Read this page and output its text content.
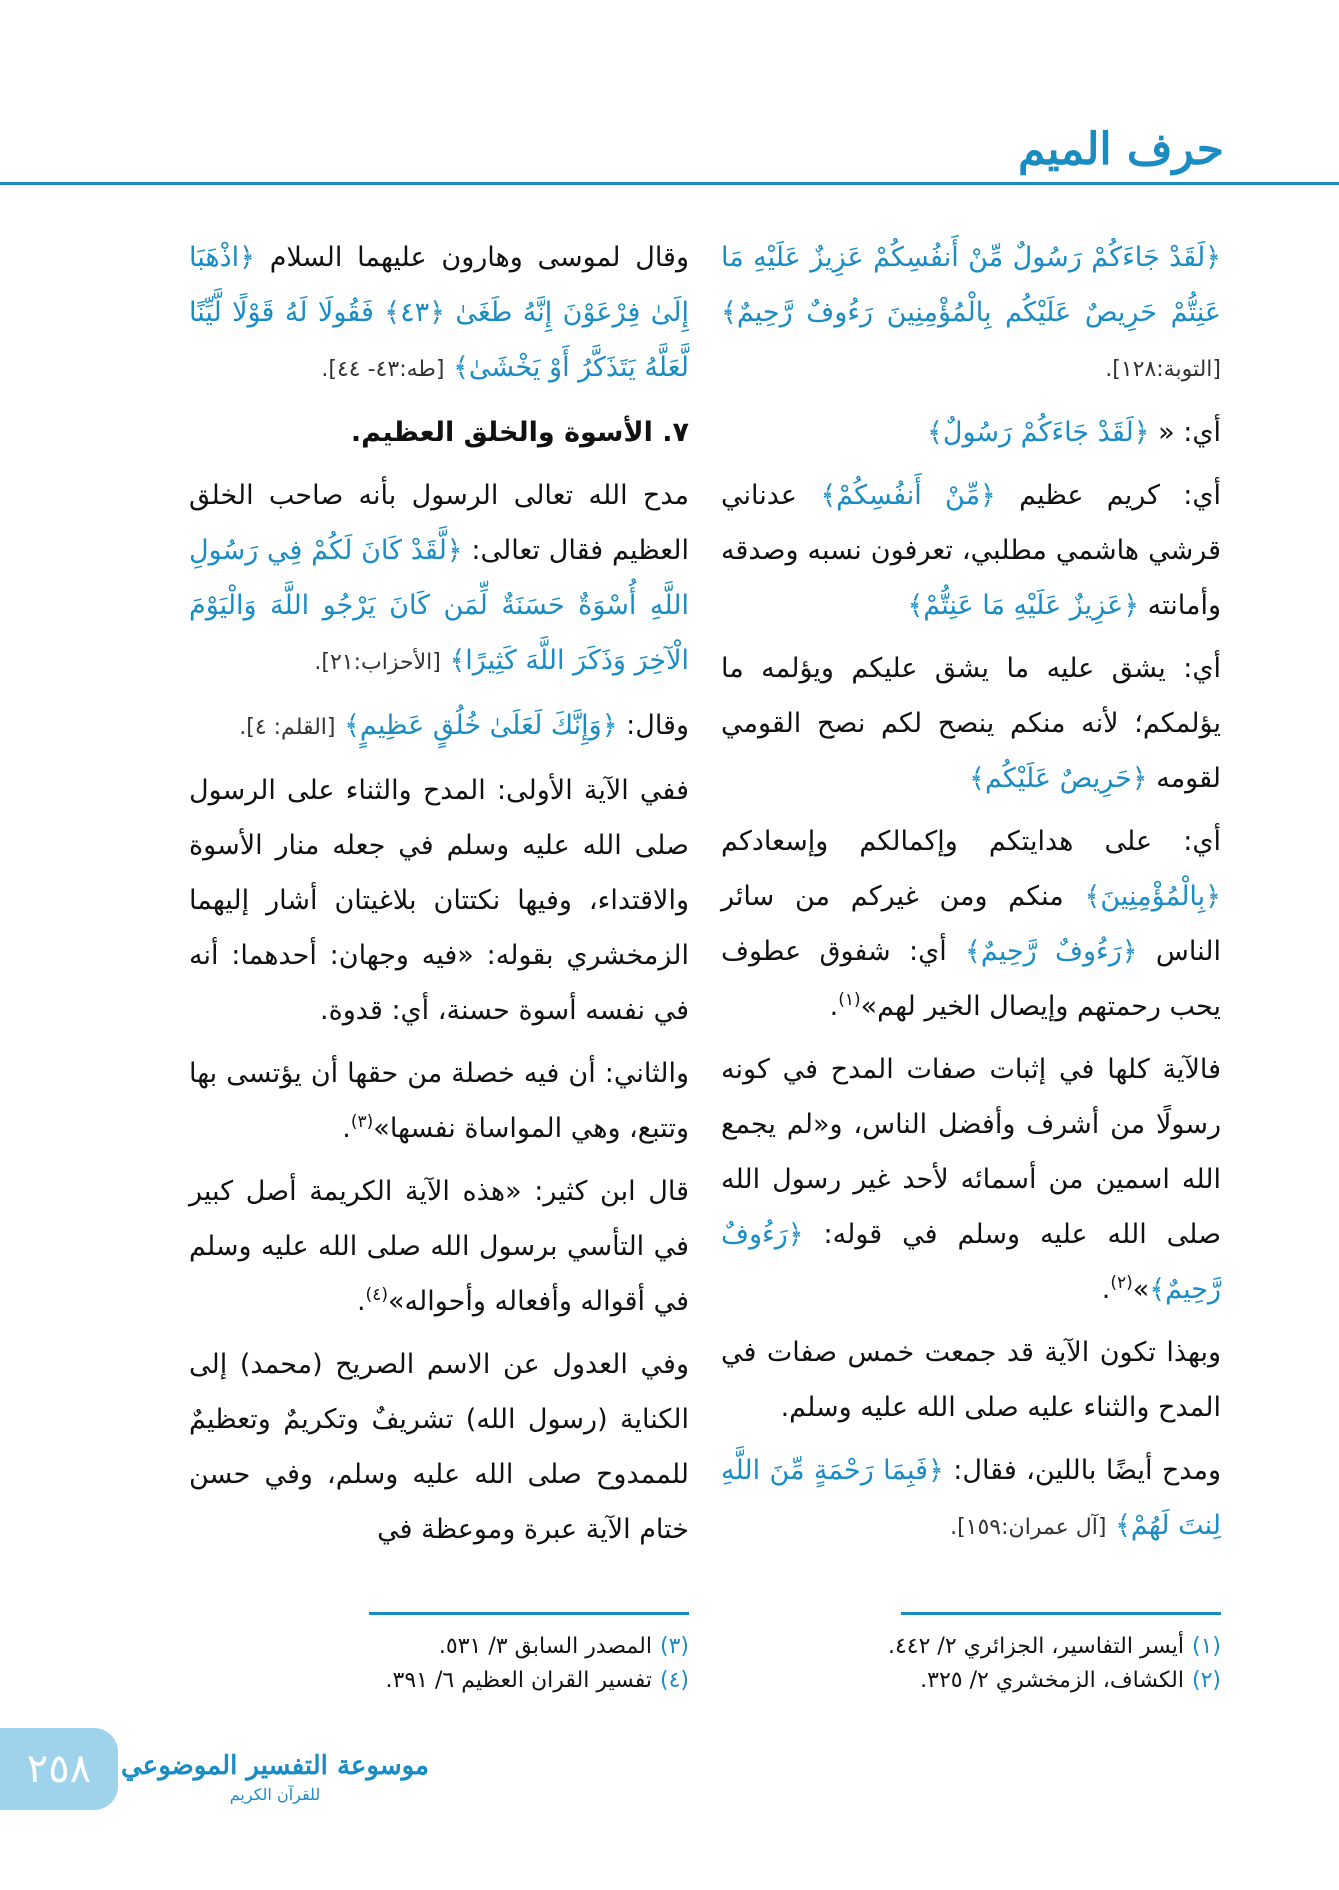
حرف الميم

﴿لَقَدْ جَاءَكُمْ رَسُولٌ مِّنْ أَنفُسِكُمْ عَزِيزٌ عَلَيْهِ مَا عَنِتُّمْ حَرِيصٌ عَلَيْكُم بِالْمُؤْمِنِينَ رَءُوفٌ رَّحِيمٌ﴾ [التوبة:١٢٨].

أي: « ﴿لَقَدْ جَاءَكُمْ رَسُولٌ﴾

أي: كريم عظيم ﴿مِّنْ أَنفُسِكُمْ﴾ عدناني قرشي هاشمي مطلبي، تعرفون نسبه وصدقه وأمانته ﴿عَزِيزٌ عَلَيْهِ مَا عَنِتُّمْ﴾

أي: يشق عليه ما يشق عليكم ويؤلمه ما يؤلمكم؛ لأنه منكم ينصح لكم نصح القومي لقومه ﴿حَرِيصٌ عَلَيْكُم﴾

أي: على هدايتكم وإكمالكم وإسعادكم ﴿بِالْمُؤْمِنِينَ﴾ منكم ومن غيركم من سائر الناس ﴿رَءُوفٌ رَّحِيمٌ﴾ أي: شفوق عطوف يحب رحمتهم وإيصال الخير لهم»$^{(١)}$.

فالآية كلها في إثبات صفات المدح في كونه رسولًا من أشرف وأفضل الناس، و«لم يجمع الله اسمين من أسمائه لأحد غير رسول الله صلى الله عليه وسلم في قوله: ﴿رَءُوفٌ رَّحِيمٌ﴾»$^{(٢)}$.

وبهذا تكون الآية قد جمعت خمس صفات في المدح والثناء عليه صلى الله عليه وسلم.

ومدح أيضًا باللين، فقال: ﴿فَبِمَا رَحْمَةٍ مِّنَ اللَّهِ لِنتَ لَهُمْ﴾ [آل عمران:١٥٩].

وقال لموسى وهارون عليهما السلام ﴿اذْهَبَا إِلَىٰ فِرْعَوْنَ إِنَّهُ طَغَىٰ ﴿٤٣﴾ فَقُولَا لَهُ قَوْلًا لَّيِّنًا لَّعَلَّهُ يَتَذَكَّرُ أَوْ يَخْشَىٰ﴾ [طه:٤٣- ٤٤].

٧. الأسوة والخلق العظيم.

مدح الله تعالى الرسول بأنه صاحب الخلق العظيم فقال تعالى: ﴿لَّقَدْ كَانَ لَكُمْ فِي رَسُولِ اللَّهِ أُسْوَةٌ حَسَنَةٌ لِّمَن كَانَ يَرْجُو اللَّهَ وَالْيَوْمَ الْآخِرَ وَذَكَرَ اللَّهَ كَثِيرًا﴾ [الأحزاب:٢١].

وقال: ﴿وَإِنَّكَ لَعَلَىٰ خُلُقٍ عَظِيمٍ﴾ [القلم: ٤].

ففي الآية الأولى: المدح والثناء على الرسول صلى الله عليه وسلم في جعله منار الأسوة والاقتداء، وفيها نكتتان بلاغيتان أشار إليهما الزمخشري بقوله: «فيه وجهان: أحدهما: أنه في نفسه أسوة حسنة، أي: قدوة.

والثاني: أن فيه خصلة من حقها أن يؤتسى بها وتتبع، وهي المواساة نفسها»$^{(٣)}$.

قال ابن كثير: «هذه الآية الكريمة أصل كبير في التأسي برسول الله صلى الله عليه وسلم في أقواله وأفعاله وأحواله»$^{(٤)}$.

وفي العدول عن الاسم الصريح (محمد) إلى الكناية (رسول الله) تشريفٌ وتكريمٌ وتعظيمٌ للممدوح صلى الله عليه وسلم، وفي حسن ختام الآية عبرة وموعظة في

(١)أيسر التفاسير، الجزائري ٢/ ٤٤٢.
(٢)الكشاف، الزمخشري ٢/ ٣٢٥.
(٣)المصدر السابق ٣/ ٥٣١.
(٤)تفسير القران العظيم ٦/ ٣٩١.
٢٥٨	موسوعة التفسير الموضوعي
للقرآن الكريم
